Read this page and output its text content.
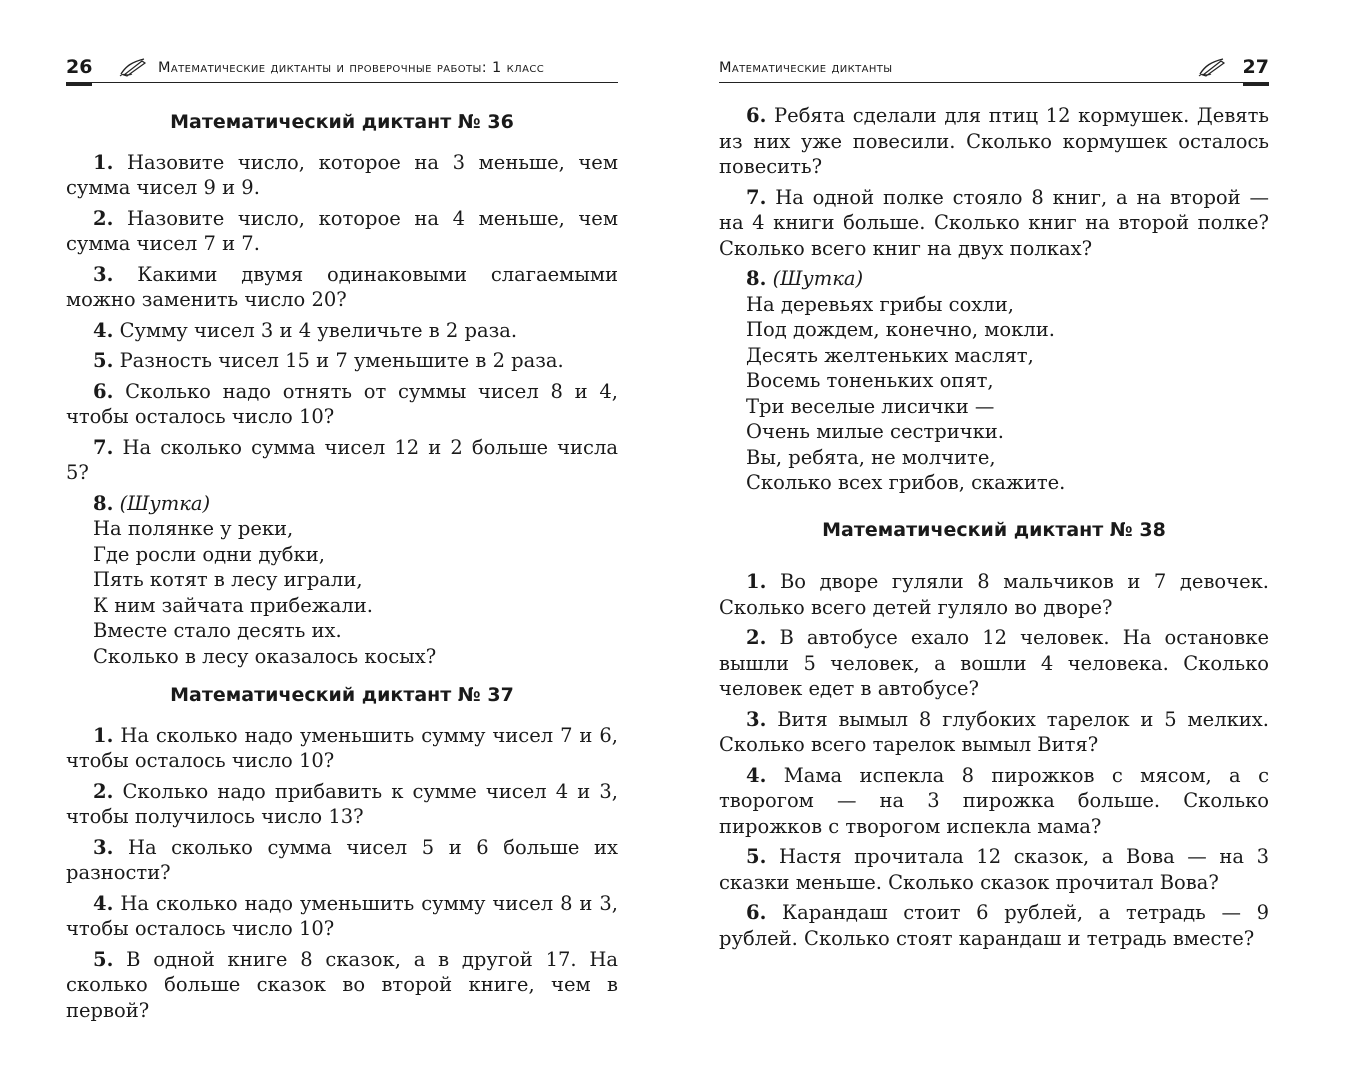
26	Математические диктанты и проверочные работы: 1 класс
Математический диктант № 36
1. Назовите число, которое на 3 меньше, чем сумма чисел 9 и 9.
2. Назовите число, которое на 4 меньше, чем сумма чисел 7 и 7.
3. Какими двумя одинаковыми слагаемыми можно заменить число 20?
4. Сумму чисел 3 и 4 увеличьте в 2 раза.
5. Разность чисел 15 и 7 уменьшите в 2 раза.
6. Сколько надо отнять от суммы чисел 8 и 4, чтобы осталось число 10?
7. На сколько сумма чисел 12 и 2 больше числа 5?
8. (Шутка)
На полянке у реки,
Где росли одни дубки,
Пять котят в лесу играли,
К ним зайчата прибежали.
Вместе стало десять их.
Сколько в лесу оказалось косых?
Математический диктант № 37
1. На сколько надо уменьшить сумму чисел 7 и 6, чтобы осталось число 10?
2. Сколько надо прибавить к сумме чисел 4 и 3, чтобы получилось число 13?
3. На сколько сумма чисел 5 и 6 больше их разности?
4. На сколько надо уменьшить сумму чисел 8 и 3, чтобы осталось число 10?
5. В одной книге 8 сказок, а в другой 17. На сколько больше сказок во второй книге, чем в первой?
Математические диктанты	27
6. Ребята сделали для птиц 12 кормушек. Девять из них уже повесили. Сколько кормушек осталось повесить?
7. На одной полке стояло 8 книг, а на второй — на 4 книги больше. Сколько книг на второй полке? Сколько всего книг на двух полках?
8. (Шутка)
На деревьях грибы сохли,
Под дождем, конечно, мокли.
Десять желтеньких маслят,
Восемь тоненьких опят,
Три веселые лисички —
Очень милые сестрички.
Вы, ребята, не молчите,
Сколько всех грибов, скажите.
Математический диктант № 38
1. Во дворе гуляли 8 мальчиков и 7 девочек. Сколько всего детей гуляло во дворе?
2. В автобусе ехало 12 человек. На остановке вышли 5 человек, а вошли 4 человека. Сколько человек едет в автобусе?
3. Витя вымыл 8 глубоких тарелок и 5 мелких. Сколько всего тарелок вымыл Витя?
4. Мама испекла 8 пирожков с мясом, а с творогом — на 3 пирожка больше. Сколько пирожков с творогом испекла мама?
5. Настя прочитала 12 сказок, а Вова — на 3 сказки меньше. Сколько сказок прочитал Вова?
6. Карандаш стоит 6 рублей, а тетрадь — 9 рублей. Сколько стоят карандаш и тетрадь вместе?
